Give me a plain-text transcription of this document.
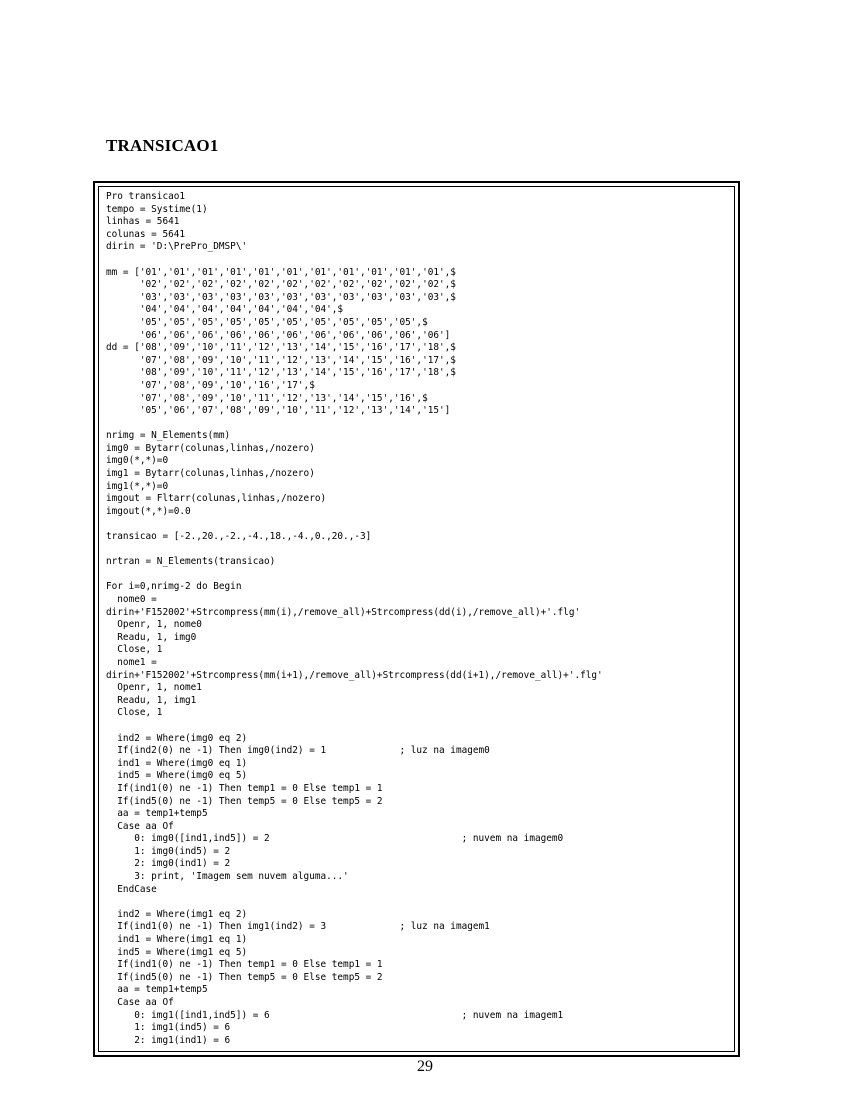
TRANSICAO1
Pro transicao1
tempo = Systime(1)
linhas = 5641
colunas = 5641
dirin = 'D:\PrePro_DMSP\'

mm = ['01','01','01','01','01','01','01','01','01','01','01',$
'02','02','02','02','02','02','02','02','02','02','02',$
'03','03','03','03','03','03','03','03','03','03','03',$
'04','04','04','04','04','04','04',$
'05','05','05','05','05','05','05','05','05','05',$
'06','06','06','06','06','06','06','06','06','06','06']
dd = ['08','09','10','11','12','13','14','15','16','17','18',$
'07','08','09','10','11','12','13','14','15','16','17',$
'08','09','10','11','12','13','14','15','16','17','18',$
'07','08','09','10','16','17',$
'07','08','09','10','11','12','13','14','15','16',$
'05','06','07','08','09','10','11','12','13','14','15']

nrimg = N_Elements(mm)
img0 = Bytarr(colunas,linhas,/nozero)
img0(*,*)=0
img1 = Bytarr(colunas,linhas,/nozero)
img1(*,*)=0
imgout = Fltarr(colunas,linhas,/nozero)
imgout(*,*)=0.0

transicao = [-2.,20.,-2.,-4.,18.,-4.,0.,20.,-3]

nrtran = N_Elements(transicao)

For i=0,nrimg-2 do Begin
nome0 =
dirin+'F152002'+Strcompress(mm(i),/remove_all)+Strcompress(dd(i),/remove_all)+'.flg'
Openr, 1, nome0
Readu, 1, img0
Close, 1
nome1 =
dirin+'F152002'+Strcompress(mm(i+1),/remove_all)+Strcompress(dd(i+1),/remove_all)+'.flg'
Openr, 1, nome1
Readu, 1, img1
Close, 1

ind2 = Where(img0 eq 2)
If(ind2(0) ne -1) Then img0(ind2) = 1             ; luz na imagem0
ind1 = Where(img0 eq 1)
ind5 = Where(img0 eq 5)
If(ind1(0) ne -1) Then temp1 = 0 Else temp1 = 1
If(ind5(0) ne -1) Then temp5 = 0 Else temp5 = 2
aa = temp1+temp5
Case aa Of
0: img0([ind1,ind5]) = 2                                  ; nuvem na imagem0
1: img0(ind5) = 2
2: img0(ind1) = 2
3: print, 'Imagem sem nuvem alguma...'
EndCase

ind2 = Where(img1 eq 2)
If(ind1(0) ne -1) Then img1(ind2) = 3             ; luz na imagem1
ind1 = Where(img1 eq 1)
ind5 = Where(img1 eq 5)
If(ind1(0) ne -1) Then temp1 = 0 Else temp1 = 1
If(ind5(0) ne -1) Then temp5 = 0 Else temp5 = 2
aa = temp1+temp5
Case aa Of
0: img1([ind1,ind5]) = 6                                  ; nuvem na imagem1
1: img1(ind5) = 6
2: img1(ind1) = 6

29
